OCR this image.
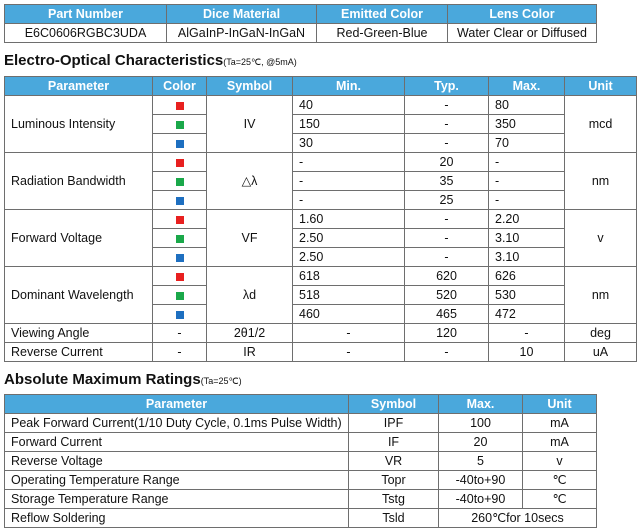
Part Number	Dice Material	Emitted Color	Lens Color
E6C0606RGBC3UDA	AlGaInP-InGaN-InGaN	Red-Green-Blue	Water Clear or Diffused
Electro-Optical Characteristics(Ta=25℃, @5mA)
Parameter	Color	Symbol	Min.	Typ.	Max.	Unit
Luminous Intensity		IV	40	-	80	mcd
			150	-	350	
			30	-	70	
Radiation Bandwidth		△λ	-	20	-	nm
			-	35	-	
			-	25	-	
Forward Voltage		VF	1.60	-	2.20	v
			2.50	-	3.10	
			2.50	-	3.10	
Dominant Wavelength		λd	618	620	626	nm
			518	520	530	
			460	465	472	
Viewing Angle	-	2θ1/2	-	120	-	deg
Reverse Current	-	IR	-	-	10	uA
Absolute Maximum Ratings(Ta=25℃)
Parameter	Symbol	Max.	Unit
Peak Forward Current(1/10 Duty Cycle, 0.1ms Pulse Width)	IPF	100	mA
Forward Current	IF	20	mA
Reverse Voltage	VR	5	v
Operating Temperature Range	Topr	-40to+90	℃
Storage Temperature Range	Tstg	-40to+90	℃
Reflow Soldering	Tsld	260℃for 10secs	
